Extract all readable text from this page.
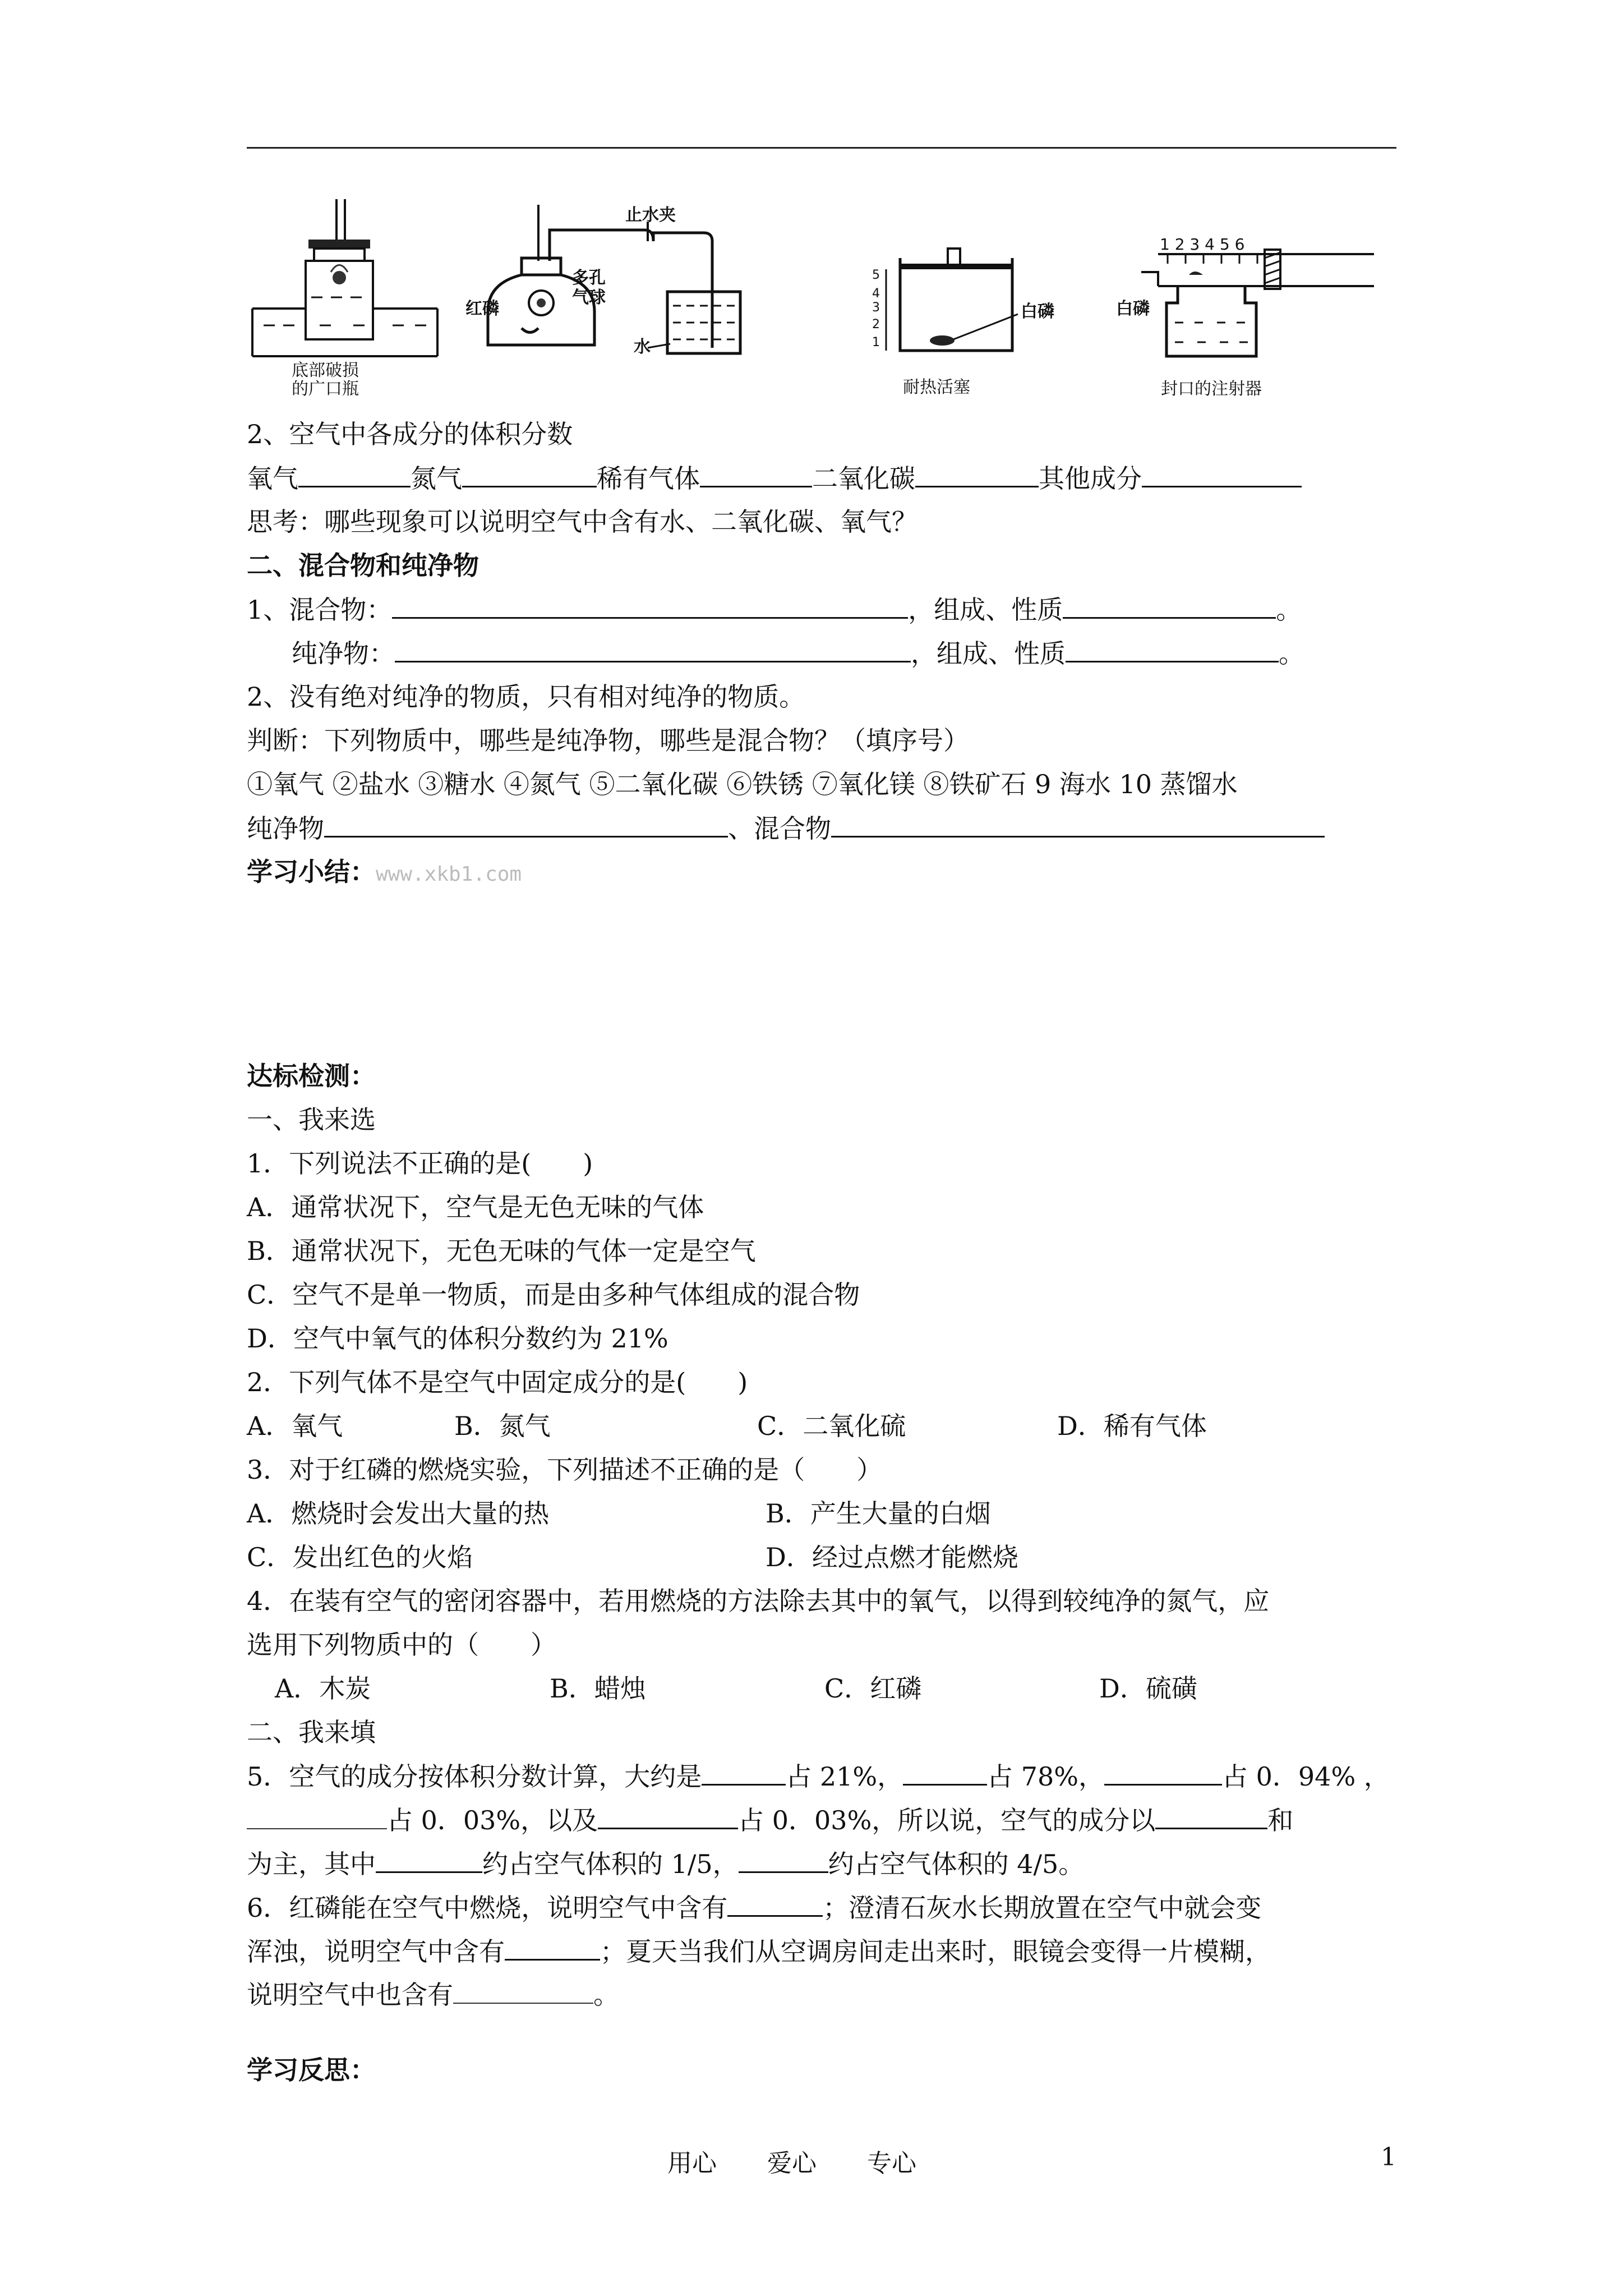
底部破损
的广口瓶
止水夹
红磷
多孔
气球
水
5
4
3
2
1
白磷
耐热活塞
1 2 3 4 5 6
白磷
封口的注射器
2、空气中各成分的体积分数
氧气	氮气	稀有气体	二氧化碳	其他成分
思考：哪些现象可以说明空气中含有水、二氧化碳、氧气？
二、混合物和纯净物
1、混合物：	，组成、性质	。
纯净物：	，组成、性质	。
2、没有绝对纯净的物质，只有相对纯净的物质。
判断：下列物质中，哪些是纯净物，哪些是混合物？（填序号）
①氧气 ②盐水 ③糖水 ④氮气 ⑤二氧化碳 ⑥铁锈 ⑦氧化镁 ⑧铁矿石 9 海水 10 蒸馏水
纯净物	、混合物
学习小结：www.xkb1.com
达标检测：
一、我来选
1．下列说法不正确的是(　　)
A．通常状况下，空气是无色无味的气体
B．通常状况下，无色无味的气体一定是空气
C．空气不是单一物质，而是由多种气体组成的混合物
D．空气中氧气的体积分数约为 21%
2．下列气体不是空气中固定成分的是(　　)
A．氧气	B．氮气	C．二氧化硫	D．稀有气体
3．对于红磷的燃烧实验，下列描述不正确的是（　　）
A．燃烧时会发出大量的热	B．产生大量的白烟
C．发出红色的火焰	D．经过点燃才能燃烧
4．在装有空气的密闭容器中，若用燃烧的方法除去其中的氧气，以得到较纯净的氮气，应
选用下列物质中的（　　）
A．木炭	B．蜡烛	C．红磷	D．硫磺
二、我来填
5．空气的成分按体积分数计算，大约是	占 21%，	占 78%，	占 0．94% ，
占 0．03%，以及	占 0．03%，所以说，空气的成分以	和
为主，其中	约占空气体积的 1/5，	约占空气体积的 4/5。
6．红磷能在空气中燃烧，说明空气中含有	；澄清石灰水长期放置在空气中就会变
浑浊，说明空气中含有	；夏天当我们从空调房间走出来时，眼镜会变得一片模糊，
说明空气中也含有	。
学习反思：
用心 爱心 专心	1
